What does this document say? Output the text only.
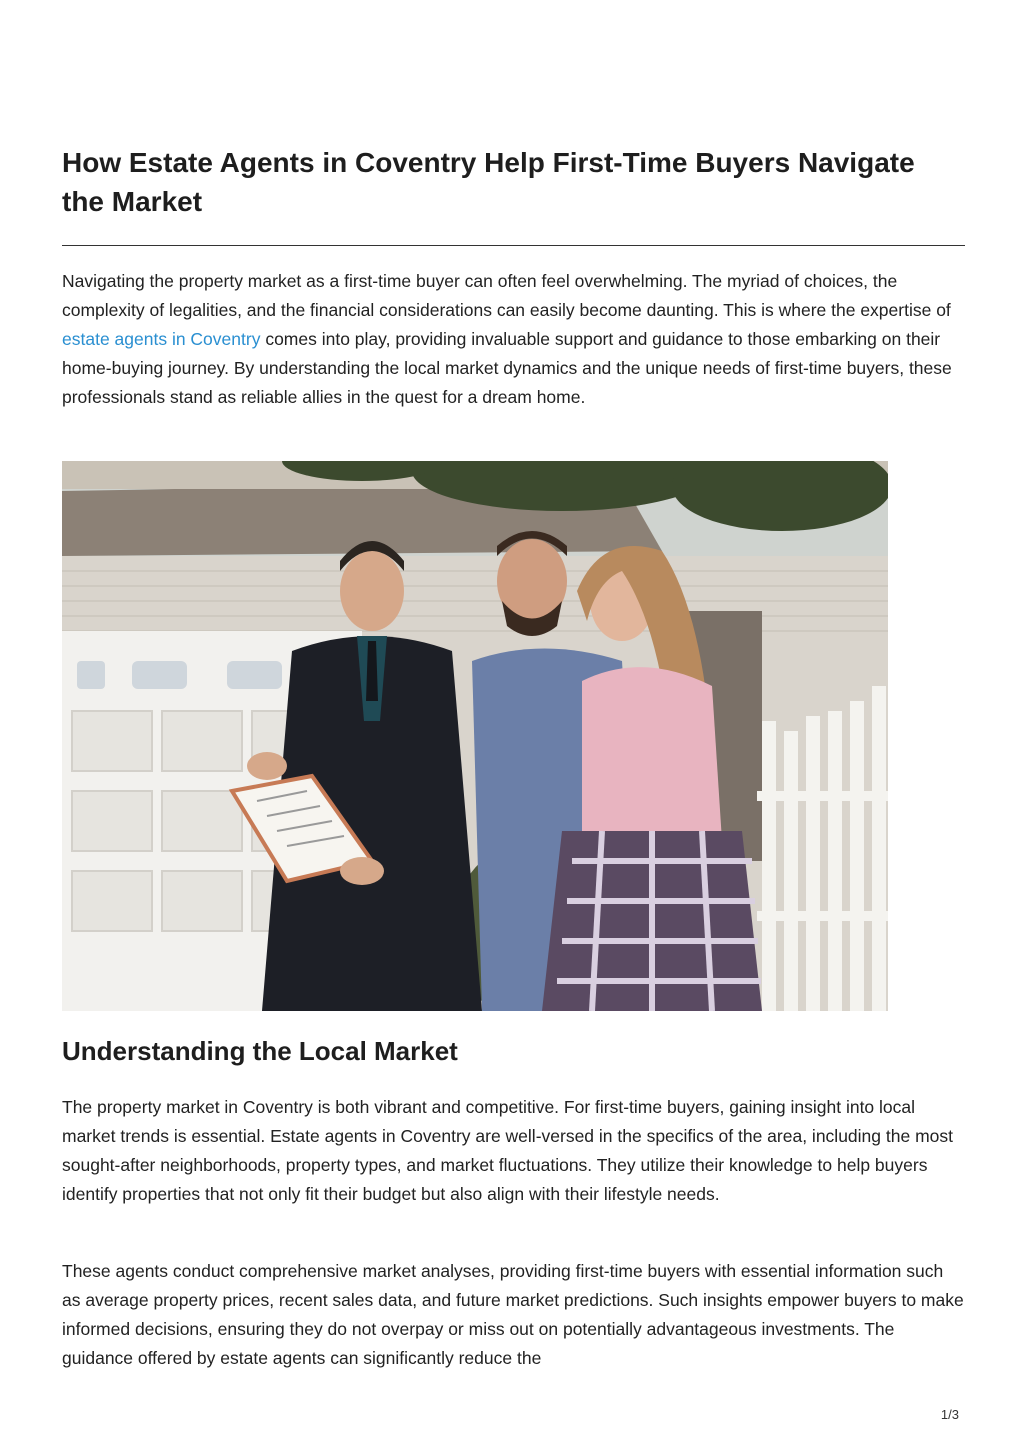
How Estate Agents in Coventry Help First-Time Buyers Navigate the Market

Navigating the property market as a first-time buyer can often feel overwhelming. The myriad of choices, the complexity of legalities, and the financial considerations can easily become daunting. This is where the expertise of estate agents in Coventry comes into play, providing invaluable support and guidance to those embarking on their home-buying journey. By understanding the local market dynamics and the unique needs of first-time buyers, these professionals stand as reliable allies in the quest for a dream home.

Understanding the Local Market

The property market in Coventry is both vibrant and competitive. For first-time buyers, gaining insight into local market trends is essential. Estate agents in Coventry are well-versed in the specifics of the area, including the most sought-after neighborhoods, property types, and market fluctuations. They utilize their knowledge to help buyers identify properties that not only fit their budget but also align with their lifestyle needs.

These agents conduct comprehensive market analyses, providing first-time buyers with essential information such as average property prices, recent sales data, and future market predictions. Such insights empower buyers to make informed decisions, ensuring they do not overpay or miss out on potentially advantageous investments. The guidance offered by estate agents can significantly reduce the

1/3
